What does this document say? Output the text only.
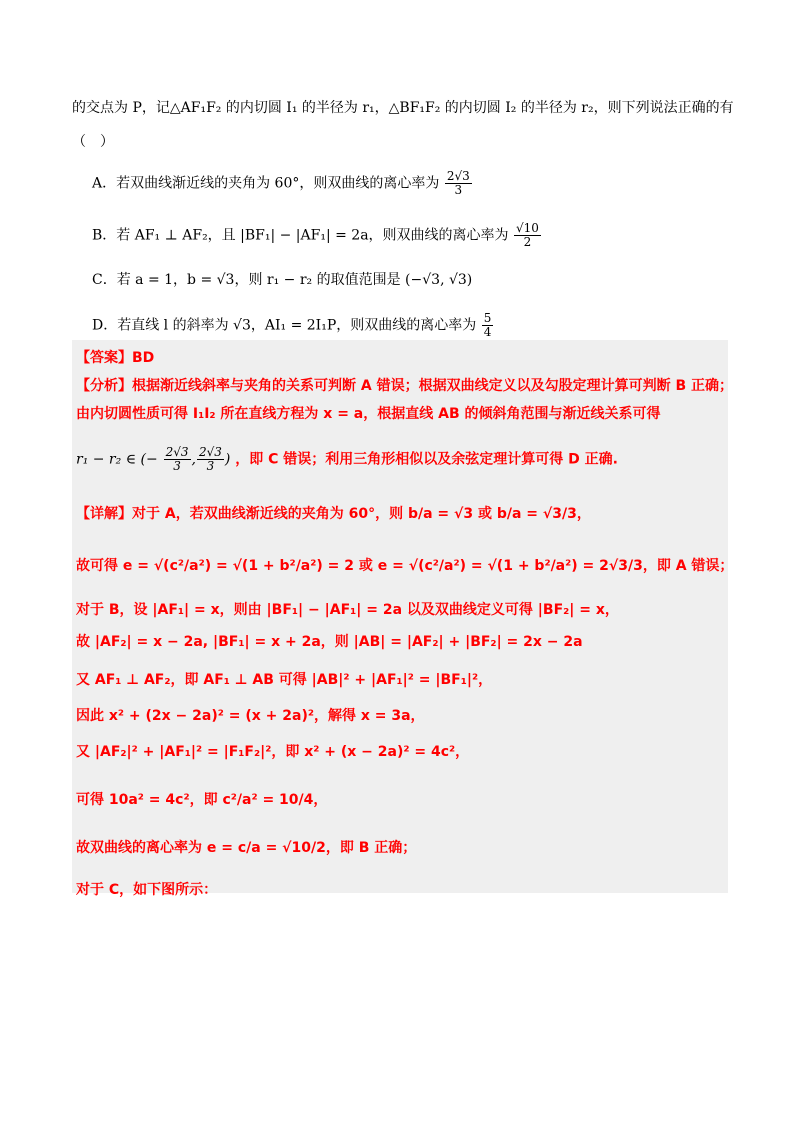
的交点为 P，记△AF₁F₂ 的内切圆 I₁ 的半径为 r₁，△BF₁F₂ 的内切圆 I₂ 的半径为 r₂，则下列说法正确的有
（　）
A．若双曲线渐近线的夹角为 60°，则双曲线的离心率为 $\frac{2√3}{3}$
B．若 AF₁ ⊥ AF₂，且 |BF₁| − |AF₁| = 2a，则双曲线的离心率为 $\frac{√10}{2}$
C．若 a = 1，b = √3，则 r₁ − r₂ 的取值范围是 (−√3, √3)
D．若直线 l 的斜率为 √3，AI₁ = 2I₁P，则双曲线的离心率为 $\frac{5}{4}$
【答案】BD
【分析】根据渐近线斜率与夹角的关系可判断 A 错误；根据双曲线定义以及勾股定理计算可判断 B 正确；
由内切圆性质可得 I₁I₂ 所在直线方程为 x = a，根据直线 AB 的倾斜角范围与渐近线关系可得
r₁ − r₂ ∈ (− $\frac{2√3}{3}$ , $\frac{2√3}{3}$ ) ，即 C 错误；利用三角形相似以及余弦定理计算可得 D 正确.
【详解】对于 A，若双曲线渐近线的夹角为 60°，则 b/a = √3 或 b/a = √3/3，
故可得 e = √(c²/a²) = √(1 + b²/a²) = 2 或 e = √(c²/a²) = √(1 + b²/a²) = 2√3/3，即 A 错误；
对于 B，设 |AF₁| = x，则由 |BF₁| − |AF₁| = 2a 以及双曲线定义可得 |BF₂| = x，
故 |AF₂| = x − 2a, |BF₁| = x + 2a，则 |AB| = |AF₂| + |BF₂| = 2x − 2a
又 AF₁ ⊥ AF₂，即 AF₁ ⊥ AB 可得 |AB|² + |AF₁|² = |BF₁|²，
因此 x² + (2x − 2a)² = (x + 2a)²，解得 x = 3a，
又 |AF₂|² + |AF₁|² = |F₁F₂|²，即 x² + (x − 2a)² = 4c²，
可得 10a² = 4c²，即 c²/a² = 10/4，
故双曲线的离心率为 e = c/a = √10/2，即 B 正确；
对于 C，如下图所示：
